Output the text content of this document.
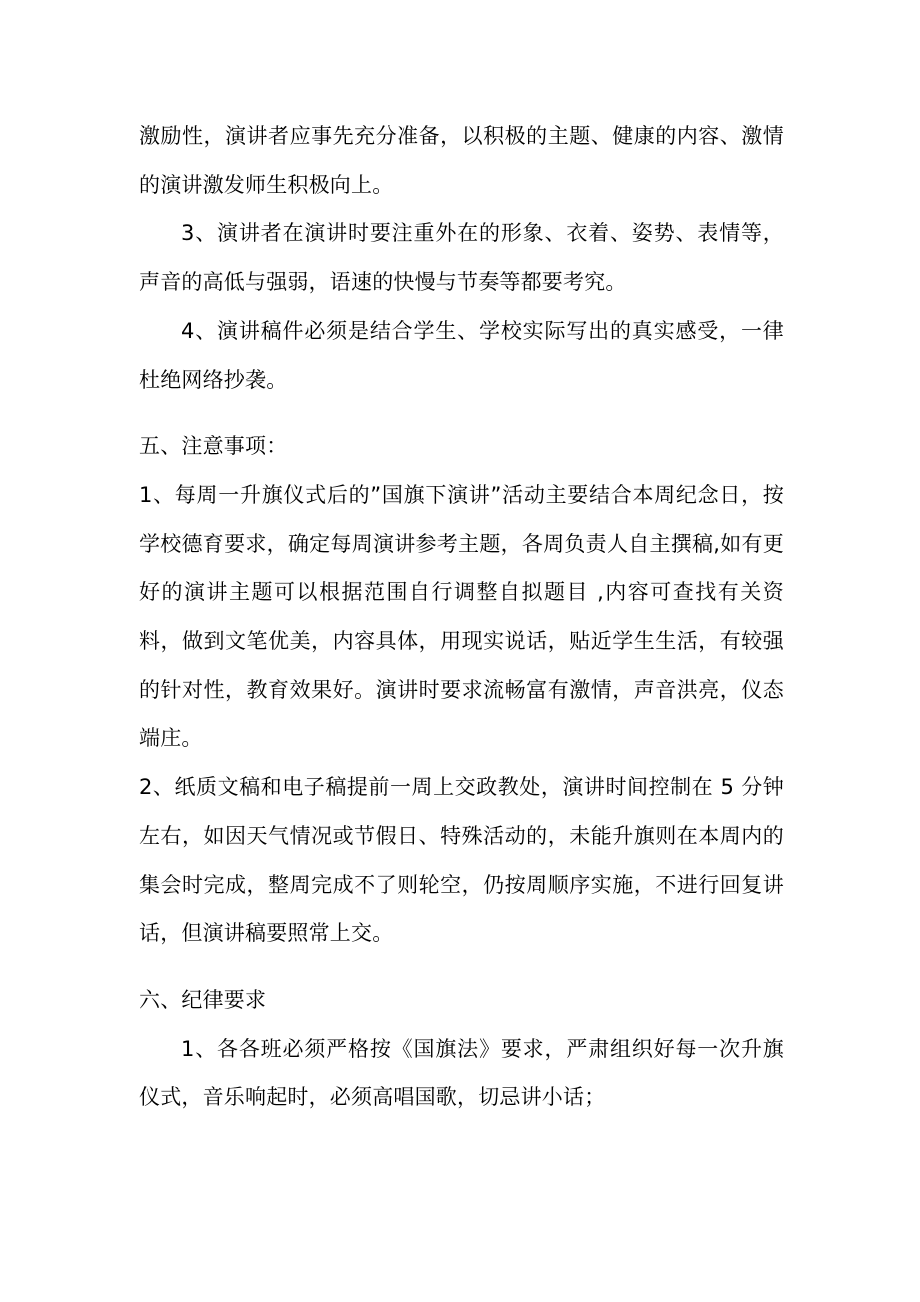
激励性，演讲者应事先充分准备，以积极的主题、健康的内容、激情的演讲激发师生积极向上。

3、演讲者在演讲时要注重外在的形象、衣着、姿势、表情等，声音的高低与强弱，语速的快慢与节奏等都要考究。

4、演讲稿件必须是结合学生、学校实际写出的真实感受，一律杜绝网络抄袭。

五、注意事项：

1、每周一升旗仪式后的”国旗下演讲”活动主要结合本周纪念日，按学校德育要求，确定每周演讲参考主题，各周负责人自主撰稿,如有更好的演讲主题可以根据范围自行调整自拟题目 ,内容可查找有关资料，做到文笔优美，内容具体，用现实说话，贴近学生生活，有较强的针对性，教育效果好。演讲时要求流畅富有激情，声音洪亮，仪态端庄。

2、纸质文稿和电子稿提前一周上交政教处，演讲时间控制在 5 分钟左右，如因天气情况或节假日、特殊活动的，未能升旗则在本周内的集会时完成，整周完成不了则轮空，仍按周顺序实施，不进行回复讲话，但演讲稿要照常上交。

六、纪律要求

1、各各班必须严格按《国旗法》要求，严肃组织好每一次升旗仪式，音乐响起时，必须高唱国歌，切忌讲小话；
